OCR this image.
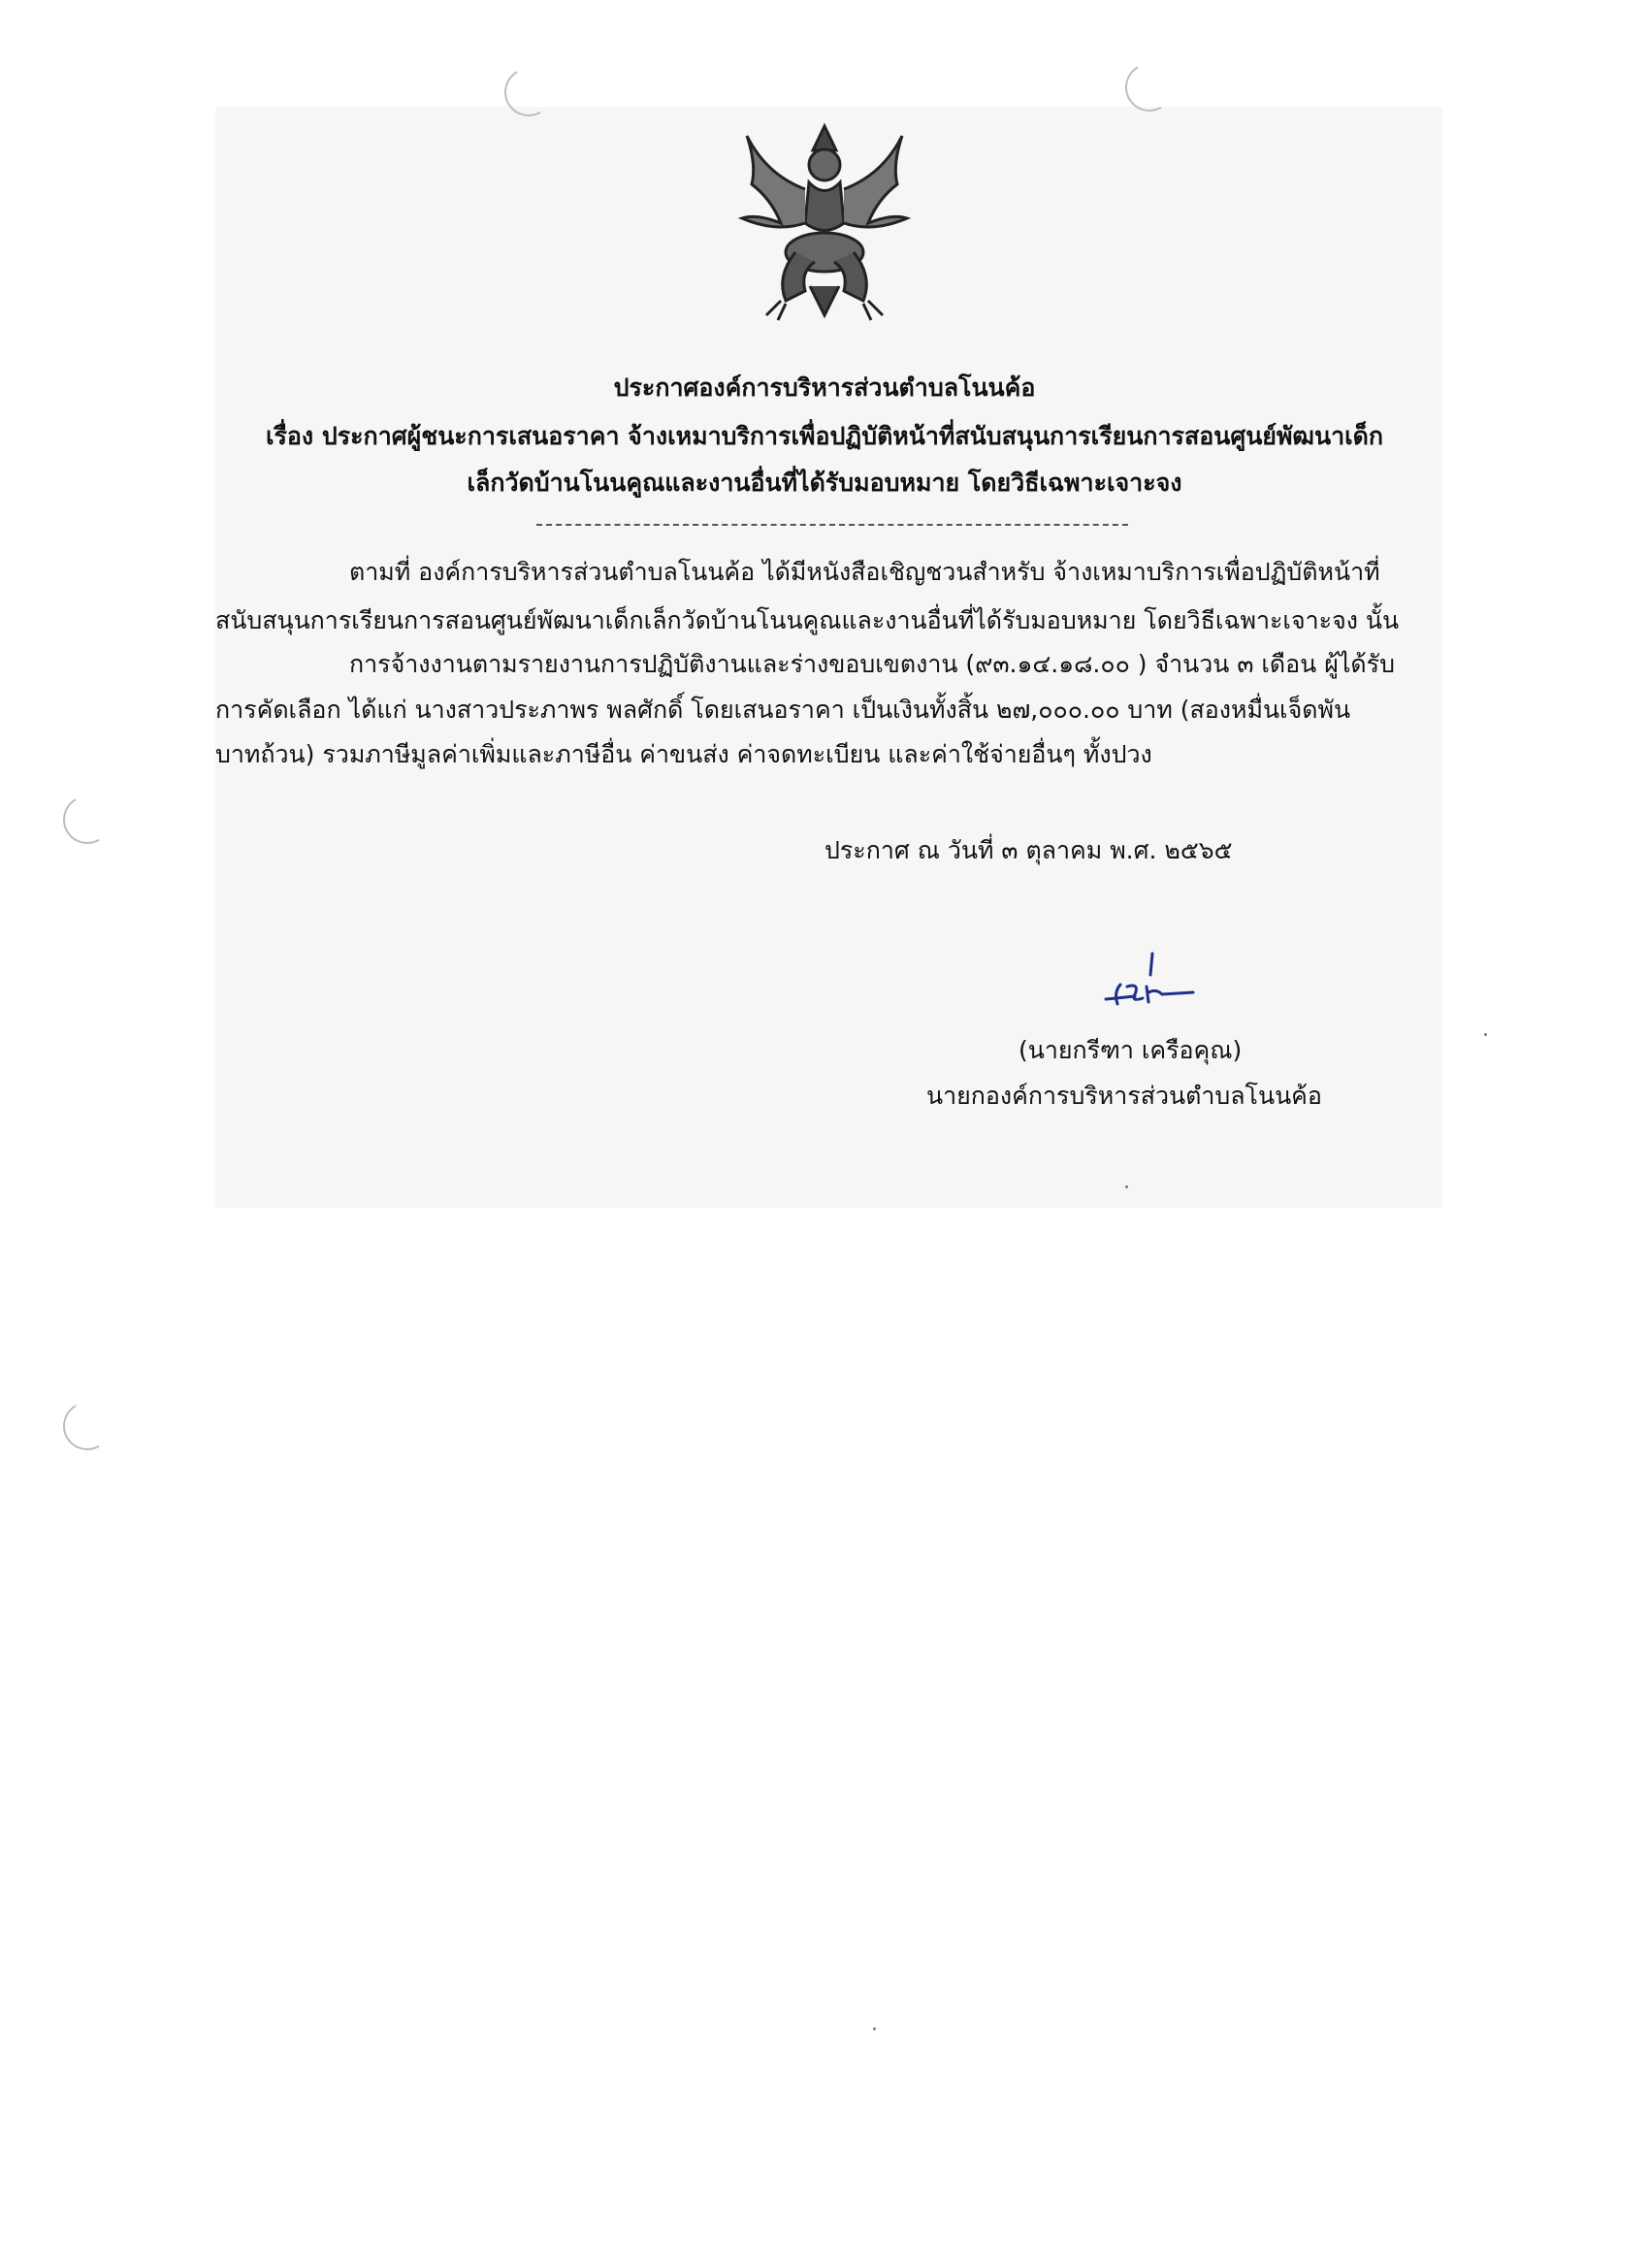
ประกาศองค์การบริหารส่วนตำบลโนนค้อ
เรื่อง ประกาศผู้ชนะการเสนอราคา จ้างเหมาบริการเพื่อปฏิบัติหน้าที่สนับสนุนการเรียนการสอนศูนย์พัฒนาเด็ก
เล็กวัดบ้านโนนคูณและงานอื่นที่ได้รับมอบหมาย โดยวิธีเฉพาะเจาะจง
ตามที่ องค์การบริหารส่วนตำบลโนนค้อ ได้มีหนังสือเชิญชวนสำหรับ จ้างเหมาบริการเพื่อปฏิบัติหน้าที่
สนับสนุนการเรียนการสอนศูนย์พัฒนาเด็กเล็กวัดบ้านโนนคูณและงานอื่นที่ได้รับมอบหมาย โดยวิธีเฉพาะเจาะจง นั้น
การจ้างงานตามรายงานการปฏิบัติงานและร่างขอบเขตงาน (๙๓.๑๔.๑๘.๐๐ ) จำนวน ๓ เดือน ผู้ได้รับ
การคัดเลือก ได้แก่ นางสาวประภาพร พลศักดิ์ โดยเสนอราคา เป็นเงินทั้งสิ้น ๒๗,๐๐๐.๐๐ บาท (สองหมื่นเจ็ดพัน
บาทถ้วน) รวมภาษีมูลค่าเพิ่มและภาษีอื่น ค่าขนส่ง ค่าจดทะเบียน และค่าใช้จ่ายอื่นๆ ทั้งปวง
ประกาศ ณ วันที่ ๓ ตุลาคม พ.ศ. ๒๕๖๕
(นายกรีฑา เครือคุณ)
นายกองค์การบริหารส่วนตำบลโนนค้อ
